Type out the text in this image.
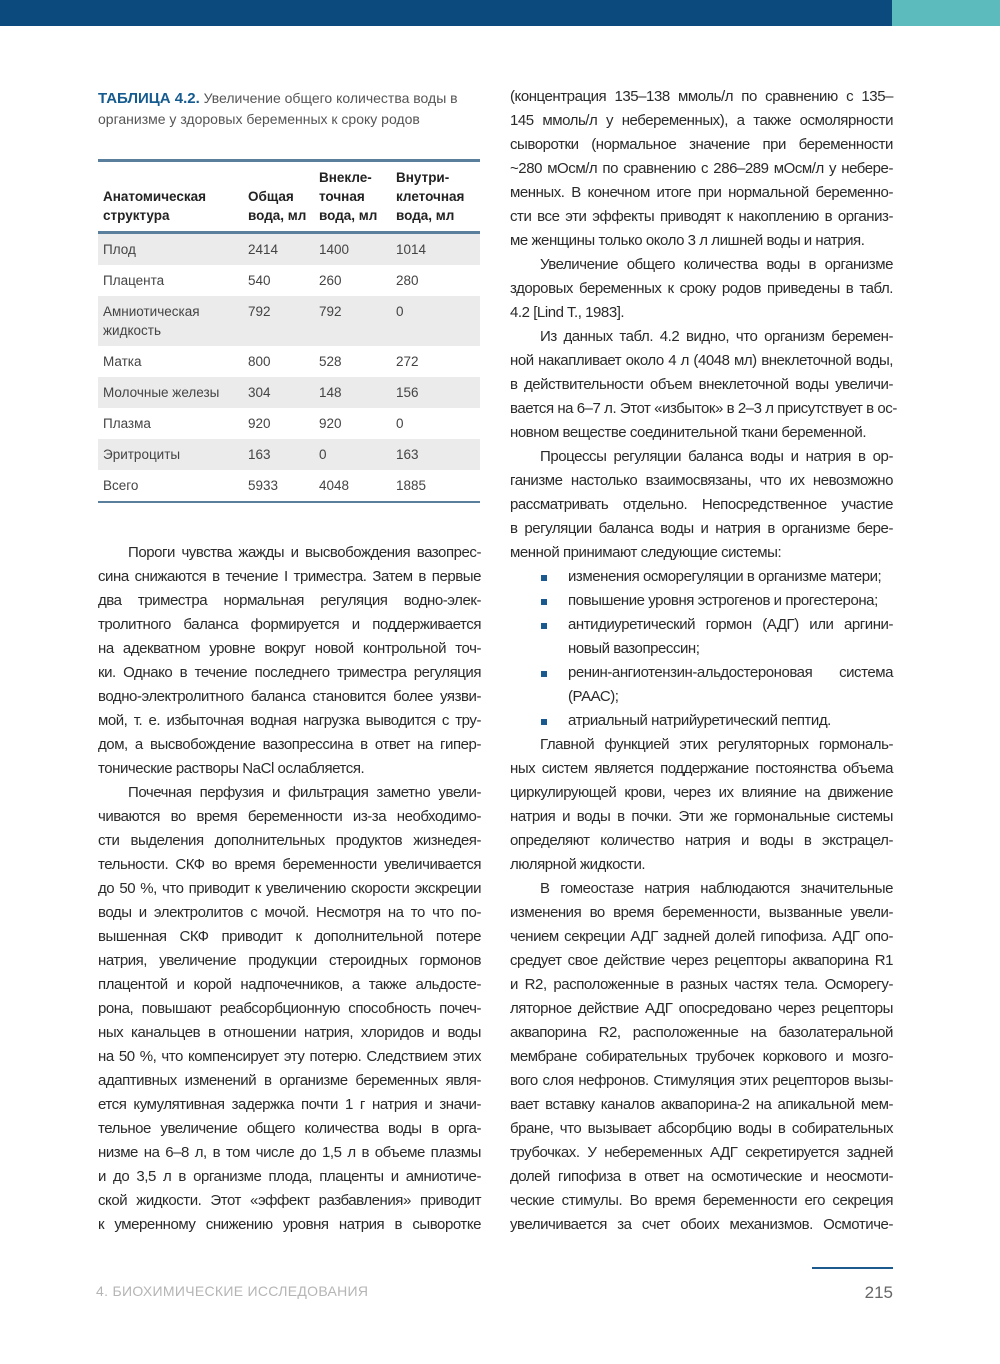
ТАБЛИЦА 4.2. Увеличение общего количества воды в организме у здоровых беременных к сроку родов
Анатомическая структура	Общая вода, мл	Внекле-точная вода, мл	Внутри-клеточная вода, мл
Плод	2414	1400	1014
Плацента	540	260	280
Амниотическая жидкость	792	792	0
Матка	800	528	272
Молочные железы	304	148	156
Плазма	920	920	0
Эритроциты	163	0	163
Всего	5933	4048	1885
Пороги чувства жажды и высвобождения вазопрес-
сина снижаются в течение I триместра. Затем в первые
два триместра нормальная регуляция водно-элек-
тролитного баланса формируется и поддерживается
на адекватном уровне вокруг новой контрольной точ-
ки. Однако в течение последнего триместра регуляция
водно-электролитного баланса становится более уязви-
мой, т. е. избыточная водная нагрузка выводится с тру-
дом, а высвобождение вазопрессина в ответ на гипер-
тонические растворы NaCl ослабляется.
Почечная перфузия и фильтрация заметно увели-
чиваются во время беременности из-за необходимо-
сти выделения дополнительных продуктов жизнедея-
тельности. СКФ во время беременности увеличивается
до 50 %, что приводит к увеличению скорости экскреции
воды и электролитов с мочой. Несмотря на то что по-
вышенная СКФ приводит к дополнительной потере
натрия, увеличение продукции стероидных гормонов
плацентой и корой надпочечников, а также альдосте-
рона, повышают реабсорбционную способность почеч-
ных канальцев в отношении натрия, хлоридов и воды
на 50 %, что компенсирует эту потерю. Следствием этих
адаптивных изменений в организме беременных явля-
ется кумулятивная задержка почти 1 г натрия и значи-
тельное увеличение общего количества воды в орга-
низме на 6–8 л, в том числе до 1,5 л в объеме плазмы
и до 3,5 л в организме плода, плаценты и амниотиче-
ской жидкости. Этот «эффект разбавления» приводит
к умеренному снижению уровня натрия в сыворотке
(концентрация 135–138 ммоль/л по сравнению с 135–
145 ммоль/л у небеременных), а также осмолярности
сыворотки (нормальное значение при беременности
~280 мОсм/л по сравнению с 286–289 мОсм/л у небере-
менных. В конечном итоге при нормальной беременно-
сти все эти эффекты приводят к накоплению в организ-
ме женщины только около 3 л лишней воды и натрия.
Увеличение общего количества воды в организме
здоровых беременных к сроку родов приведены в табл.
4.2 [Lind T., 1983].
Из данных табл. 4.2 видно, что организм беремен-
ной накапливает около 4 л (4048 мл) внеклеточной воды,
в действительности объем внеклеточной воды увеличи-
вается на 6–7 л. Этот «избыток» в 2–3 л присутствует в ос-
новном веществе соединительной ткани беременной.
Процессы регуляции баланса воды и натрия в ор-
ганизме настолько взаимосвязаны, что их невозможно
рассматривать отдельно. Непосредственное участие
в регуляции баланса воды и натрия в организме бере-
менной принимают следующие системы:
изменения осморегуляции в организме матери;
повышение уровня эстрогенов и прогестерона;
антидиуретический гормон (АДГ) или аргини-
новый вазопрессин;
ренин-ангиотензин-альдостероновая система
(РААС);
атриальный натрийуретический пептид.
Главной функцией этих регуляторных гормональ-
ных систем является поддержание постоянства объема
циркулирующей крови, через их влияние на движение
натрия и воды в почки. Эти же гормональные системы
определяют количество натрия и воды в экстрацел-
люлярной жидкости.
В гомеостазе натрия наблюдаются значительные
изменения во время беременности, вызванные увели-
чением секреции АДГ задней долей гипофиза. АДГ опо-
средует свое действие через рецепторы аквапорина R1
и R2, расположенные в разных частях тела. Осморегу-
ляторное действие АДГ опосредовано через рецепторы
аквапорина R2, расположенные на базолатеральной
мембране собирательных трубочек коркового и мозго-
вого слоя нефронов. Стимуляция этих рецепторов вызы-
вает вставку каналов аквапорина-2 на апикальной мем-
бране, что вызывает абсорбцию воды в собирательных
трубочках. У небеременных АДГ секретируется задней
долей гипофиза в ответ на осмотические и неосмоти-
ческие стимулы. Во время беременности его секреция
увеличивается за счет обоих механизмов. Осмотиче-
4. БИОХИМИЧЕСКИЕ ИССЛЕДОВАНИЯ	215
